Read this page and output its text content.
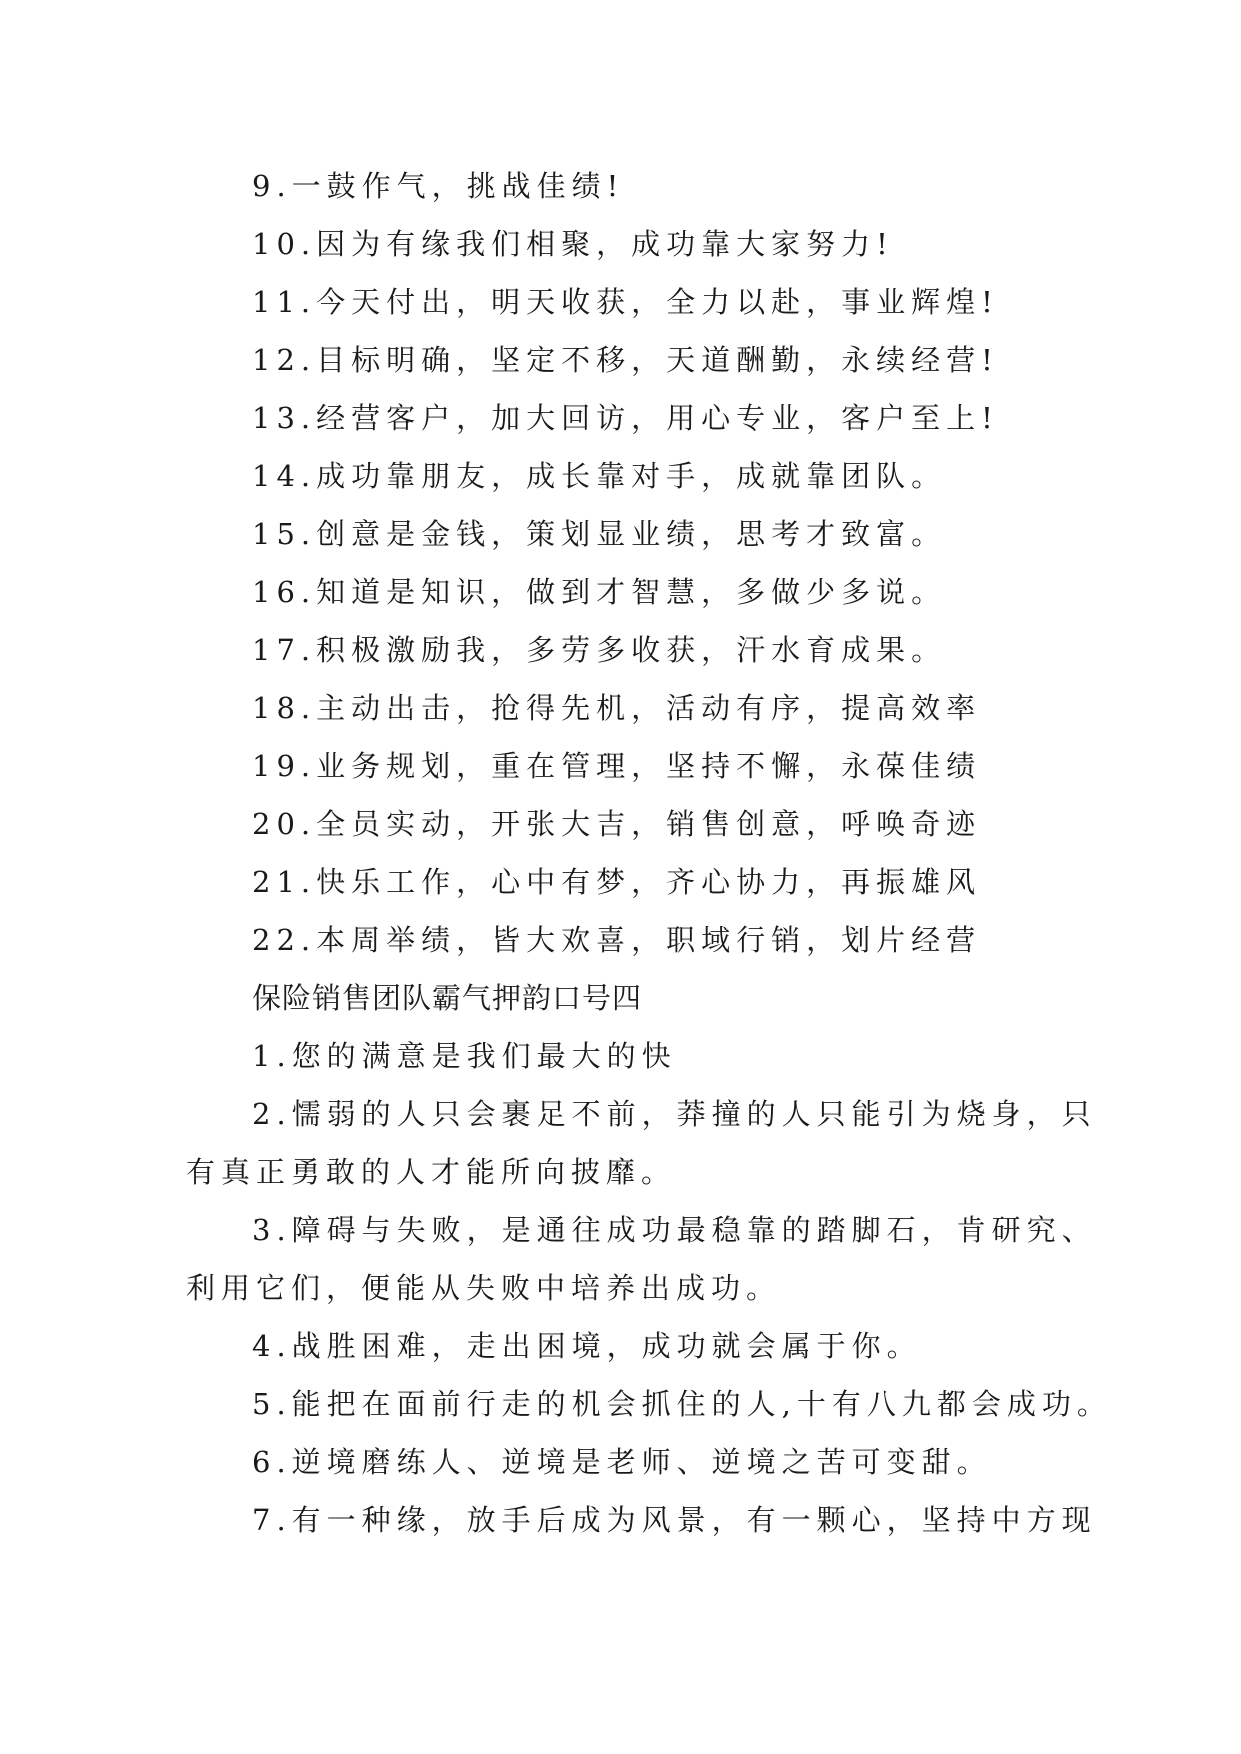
9.一鼓作气，挑战佳绩!
10.因为有缘我们相聚，成功靠大家努力!
11.今天付出，明天收获，全力以赴，事业辉煌!
12.目标明确，坚定不移，天道酬勤，永续经营!
13.经营客户，加大回访，用心专业，客户至上!
14.成功靠朋友，成长靠对手，成就靠团队。
15.创意是金钱，策划显业绩，思考才致富。
16.知道是知识，做到才智慧，多做少多说。
17.积极激励我，多劳多收获，汗水育成果。
18.主动出击，抢得先机，活动有序，提高效率
19.业务规划，重在管理，坚持不懈，永葆佳绩
20.全员实动，开张大吉，销售创意，呼唤奇迹
21.快乐工作，心中有梦，齐心协力，再振雄风
22.本周举绩，皆大欢喜，职域行销，划片经营
保险销售团队霸气押韵口号四
1.您的满意是我们最大的快
2.懦弱的人只会裹足不前，莽撞的人只能引为烧身，只
有真正勇敢的人才能所向披靡。
3.障碍与失败，是通往成功最稳靠的踏脚石，肯研究、
利用它们，便能从失败中培养出成功。
4.战胜困难，走出困境，成功就会属于你。
5.能把在面前行走的机会抓住的人,十有八九都会成功。
6.逆境磨练人、逆境是老师、逆境之苦可变甜。
7.有一种缘，放手后成为风景，有一颗心，坚持中方现
